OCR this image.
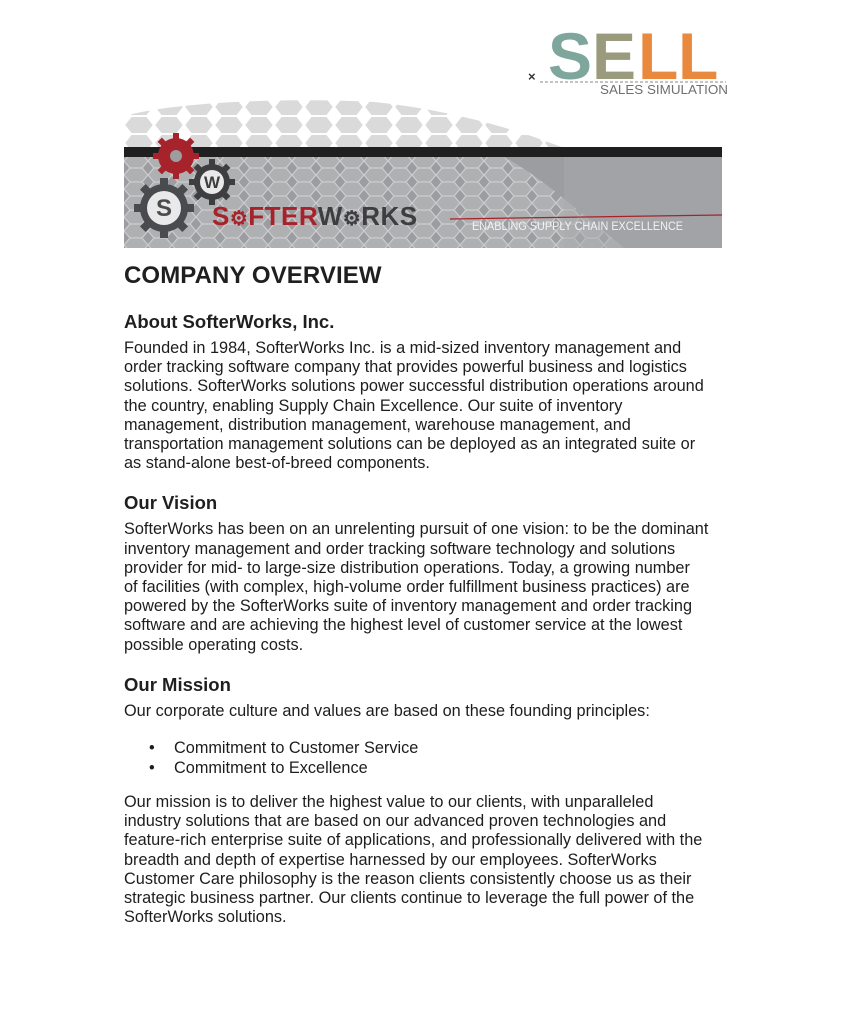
× S E L L
SALES SIMULATION
W
S S⚙FTERW⚙RKS	ENABLING SUPPLY CHAIN EXCELLENCE
COMPANY OVERVIEW
About SofterWorks, Inc.

Founded in 1984, SofterWorks Inc. is a mid-sized inventory management and
order tracking software company that provides powerful business and logistics
solutions. SofterWorks solutions power successful distribution operations around
the country, enabling Supply Chain Excellence. Our suite of inventory
management, distribution management, warehouse management, and
transportation management solutions can be deployed as an integrated suite or
as stand-alone best-of-breed components.

Our Vision

SofterWorks has been on an unrelenting pursuit of one vision: to be the dominant
inventory management and order tracking software technology and solutions
provider for mid- to large-size distribution operations. Today, a growing number
of facilities (with complex, high-volume order fulfillment business practices) are
powered by the SofterWorks suite of inventory management and order tracking
software and are achieving the highest level of customer service at the lowest
possible operating costs.

Our Mission

Our corporate culture and values are based on these founding principles:

• Commitment to Customer Service
• Commitment to Excellence

Our mission is to deliver the highest value to our clients, with unparalleled
industry solutions that are based on our advanced proven technologies and
feature-rich enterprise suite of applications, and professionally delivered with the
breadth and depth of expertise harnessed by our employees. SofterWorks
Customer Care philosophy is the reason clients consistently choose us as their
strategic business partner. Our clients continue to leverage the full power of the
SofterWorks solutions.
